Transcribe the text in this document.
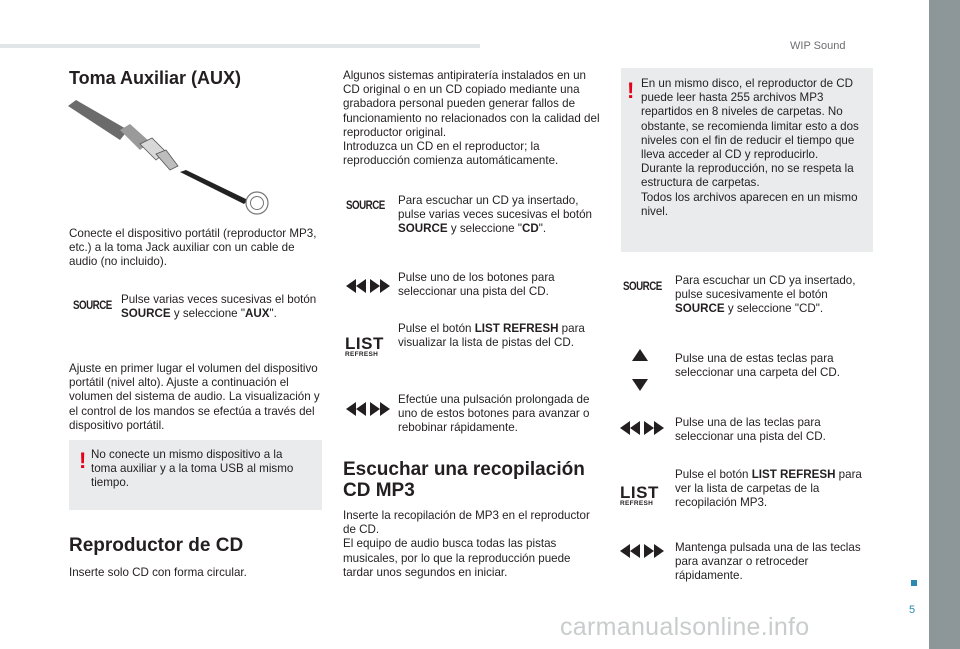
WIP Sound
5
Toma Auxiliar (AUX)
Conecte el dispositivo portátil (reproductor MP3, etc.) a la toma Jack auxiliar con un cable de audio (no incluido).
SOURCE Pulse varias veces sucesivas el botón SOURCE y seleccione "AUX".
Ajuste en primer lugar el volumen del dispositivo portátil (nivel alto). Ajuste a continuación el volumen del sistema de audio. La visualización y el control de los mandos se efectúa a través del dispositivo portátil.
! No conecte un mismo dispositivo a la toma auxiliar y a la toma USB al mismo tiempo.
Reproductor de CD
Inserte solo CD con forma circular.
Algunos sistemas antipiratería instalados en un CD original o en un CD copiado mediante una grabadora personal pueden generar fallos de funcionamiento no relacionados con la calidad del reproductor original.
Introduzca un CD en el reproductor; la reproducción comienza automáticamente.
SOURCE Para escuchar un CD ya insertado, pulse varias veces sucesivas el botón SOURCE y seleccione "CD".
Pulse uno de los botones para seleccionar una pista del CD.
LIST
REFRESH
Pulse el botón LIST REFRESH para visualizar la lista de pistas del CD.
Efectúe una pulsación prolongada de uno de estos botones para avanzar o rebobinar rápidamente.
Escuchar una recopilación
CD MP3
Inserte la recopilación de MP3 en el reproductor de CD.
El equipo de audio busca todas las pistas musicales, por lo que la reproducción puede tardar unos segundos en iniciar.
! En un mismo disco, el reproductor de CD puede leer hasta 255 archivos MP3 repartidos en 8 niveles de carpetas. No obstante, se recomienda limitar esto a dos niveles con el fin de reducir el tiempo que lleva acceder al CD y reproducirlo.
Durante la reproducción, no se respeta la estructura de carpetas.
Todos los archivos aparecen en un mismo nivel.
SOURCE Para escuchar un CD ya insertado, pulse sucesivamente el botón SOURCE y seleccione "CD".
Pulse una de estas teclas para seleccionar una carpeta del CD.
Pulse una de las teclas para seleccionar una pista del CD.
LIST
REFRESH
Pulse el botón LIST REFRESH para ver la lista de carpetas de la recopilación MP3.
Mantenga pulsada una de las teclas para avanzar o retroceder rápidamente.
carmanualsonline.info
